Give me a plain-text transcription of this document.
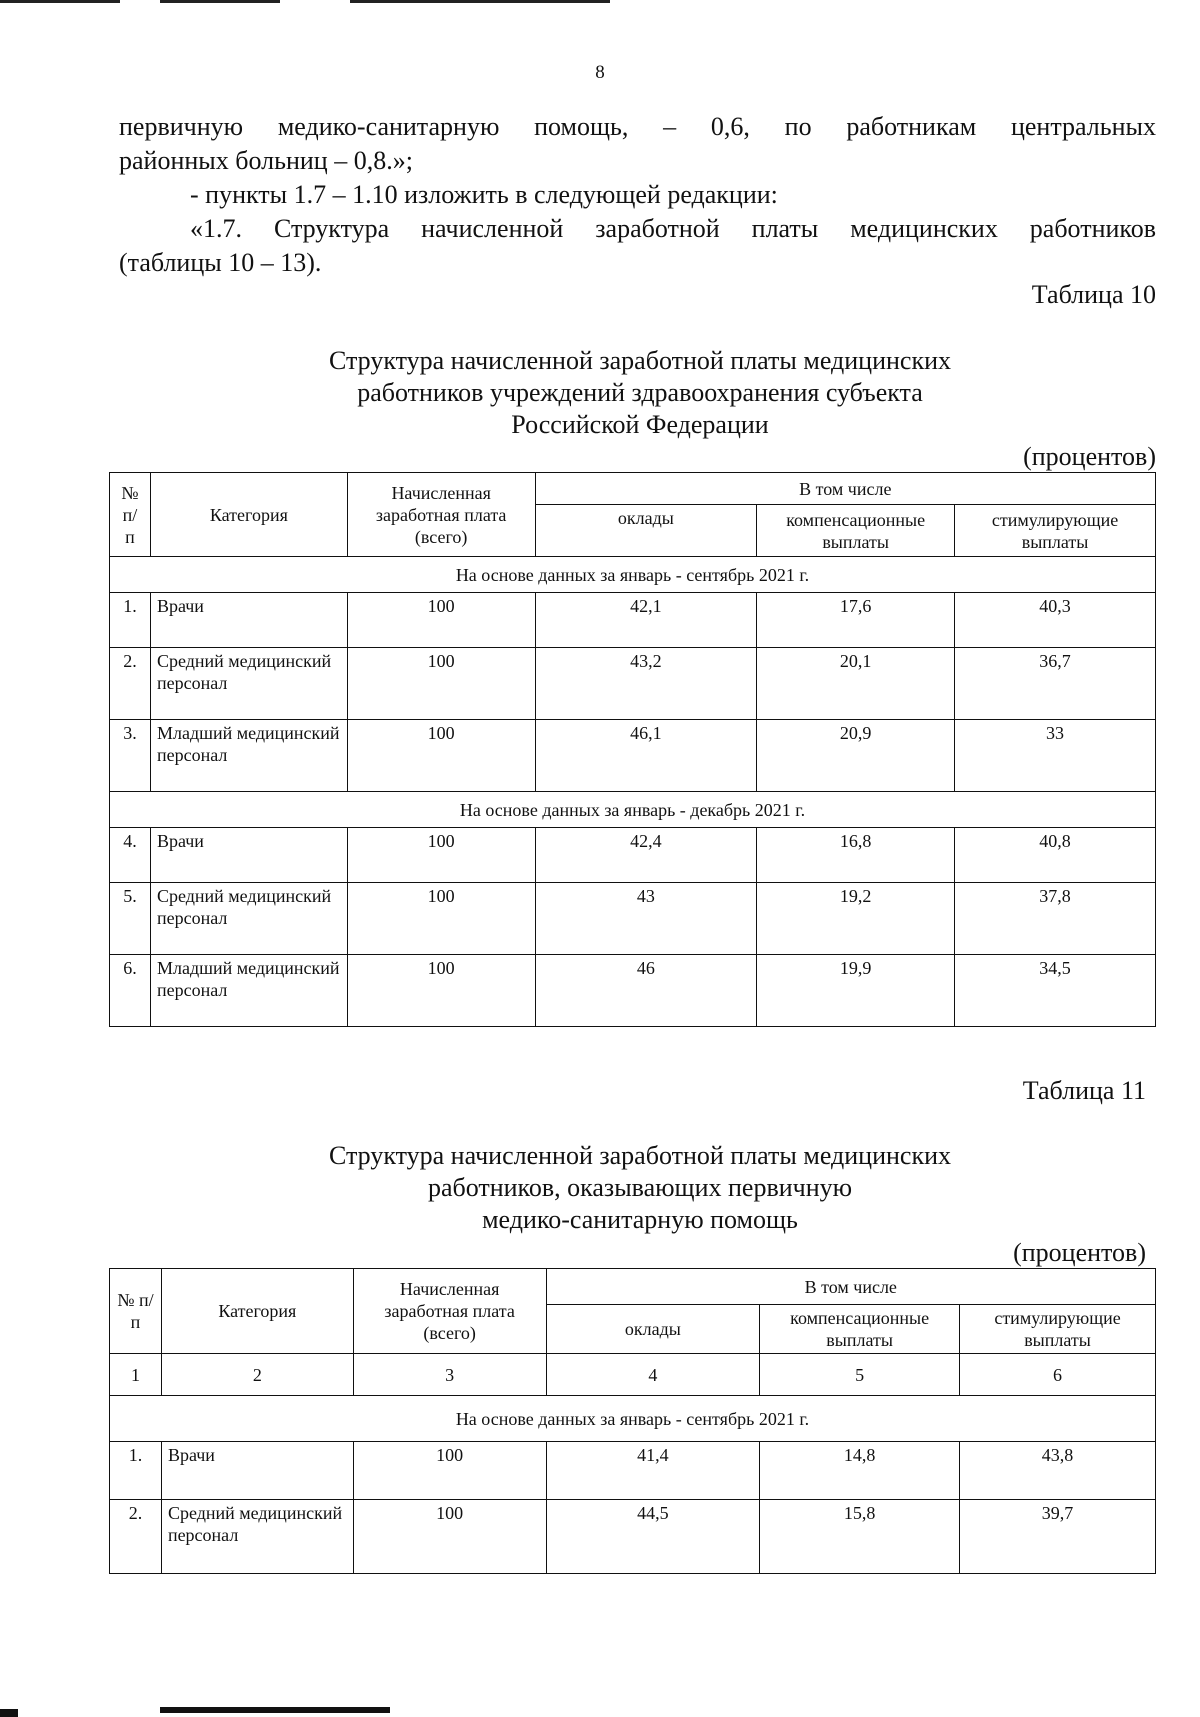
8
первичную медико-санитарную помощь, – 0,6, по работникам центральных
районных больниц – 0,8.»;
- пункты 1.7 – 1.10 изложить в следующей редакции:
«1.7. Структура начисленной заработной платы медицинских работников
(таблицы 10 – 13).
Таблица 10
Структура начисленной заработной платы медицинских
работников учреждений здравоохранения субъекта
Российской Федерации
(процентов)
№ п/ п	Категория	Начисленная заработная плата (всего)	В том числе		
			оклады	компенсационные выплаты	стимулирующие выплаты
На основе данных за январь - сентябрь 2021 г.					
1.	Врачи	100	42,1	17,6	40,3
2.	Средний медицинский персонал	100	43,2	20,1	36,7
3.	Младший медицинский персонал	100	46,1	20,9	33
На основе данных за январь - декабрь 2021 г.					
4.	Врачи	100	42,4	16,8	40,8
5.	Средний медицинский персонал	100	43	19,2	37,8
6.	Младший медицинский персонал	100	46	19,9	34,5
Таблица 11
Структура начисленной заработной платы медицинских
работников, оказывающих первичную
медико-санитарную помощь
(процентов)
№ п/п	Категория	Начисленная заработная плата (всего)	В том числе		
			оклады	компенсационные выплаты	стимулирующие выплаты
1	2	3	4	5	6
На основе данных за январь - сентябрь 2021 г.					
1.	Врачи	100	41,4	14,8	43,8
2.	Средний медицинский персонал	100	44,5	15,8	39,7
